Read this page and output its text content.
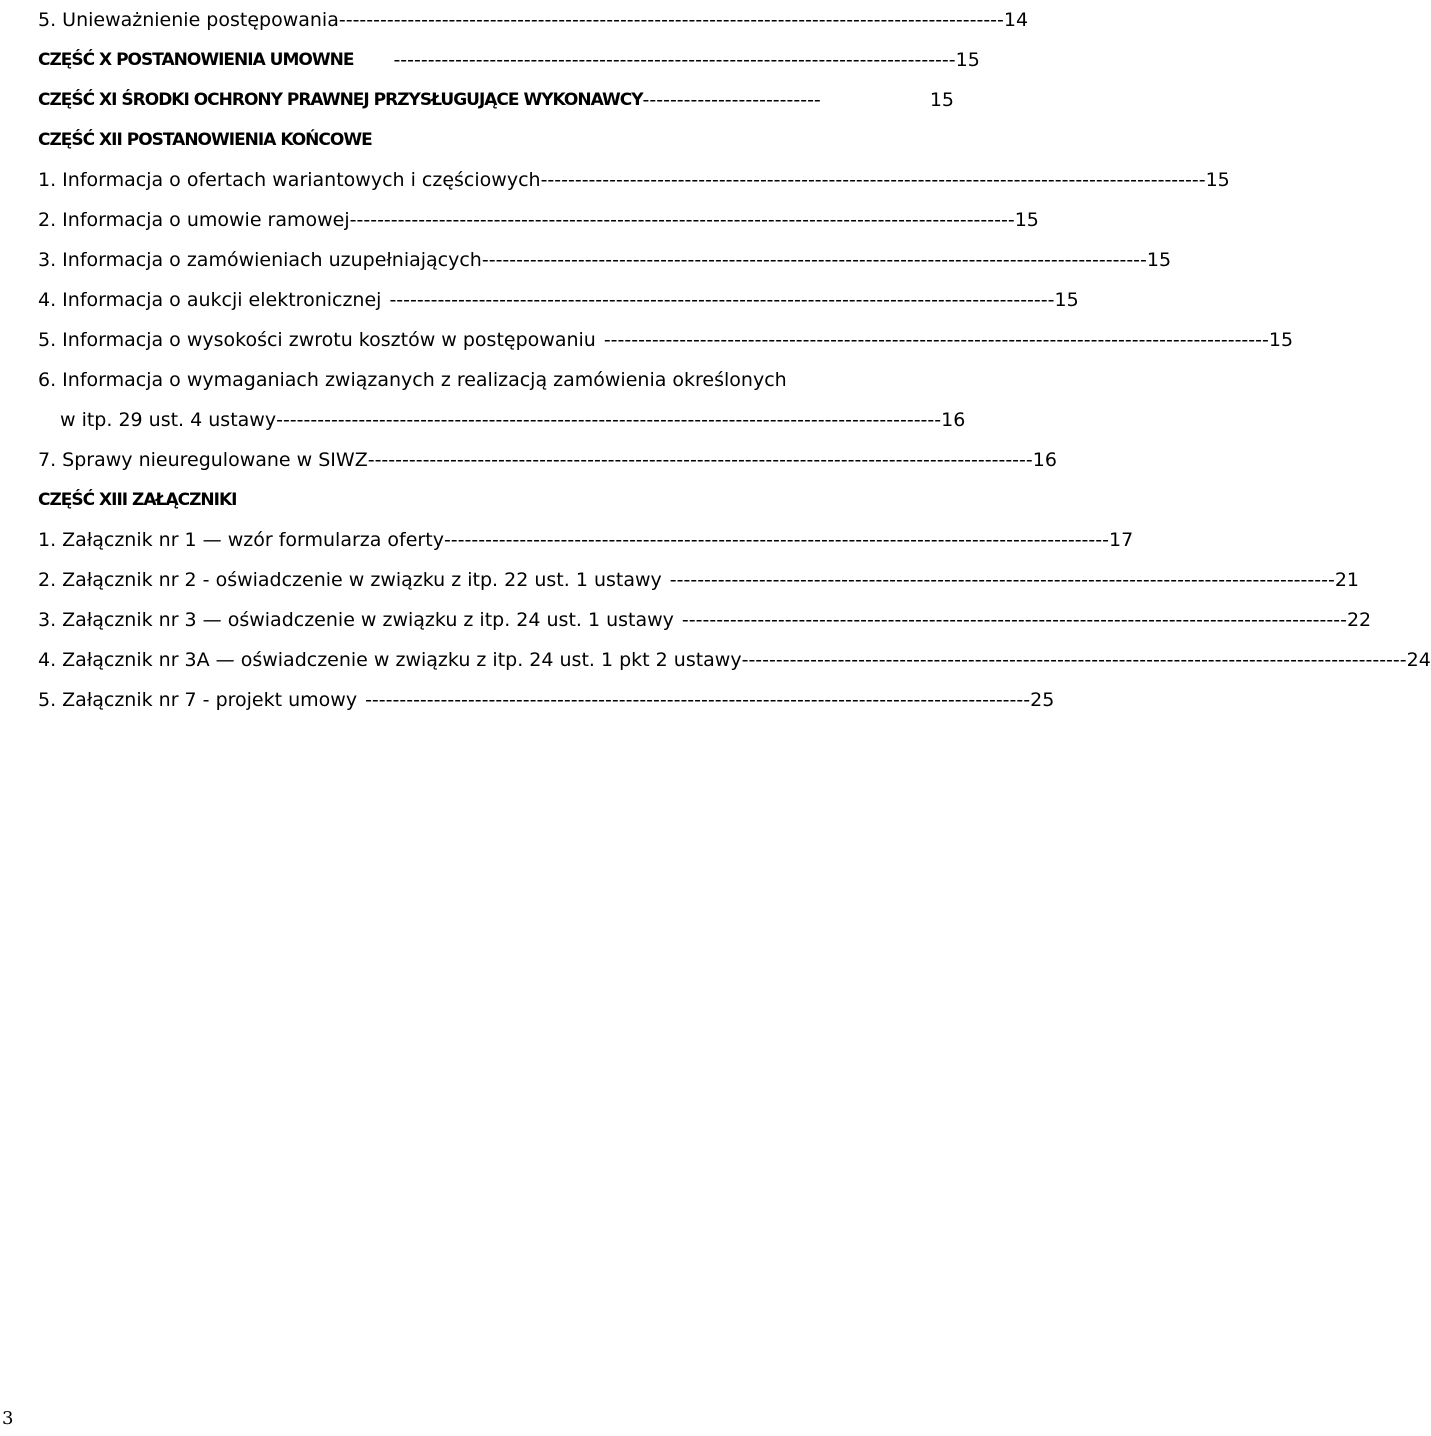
5. Unieważnienie postępowania ------------------------------------------------------------------------------------------------- 14
CZĘŚĆ X POSTANOWIENIA UMOWNE	---------------------------------------------------------------------------------- 15
CZĘŚĆ XI ŚRODKI OCHRONY PRAWNEJ PRZYSŁUGUJĄCE WYKONAWCY --------------------------	15
CZĘŚĆ XII POSTANOWIENIA KOŃCOWE
1. Informacja o ofertach wariantowych i częściowych ------------------------------------------------------------------------------------------------- 15
2. Informacja o umowie ramowej ------------------------------------------------------------------------------------------------- 15
3. Informacja o zamówieniach uzupełniających ------------------------------------------------------------------------------------------------- 15
4. Informacja o aukcji elektronicznej ------------------------------------------------------------------------------------------------- 15
5. Informacja o wysokości zwrotu kosztów w postępowaniu ------------------------------------------------------------------------------------------------- 15
6. Informacja o wymaganiach związanych z realizacją zamówienia określonych
w itp. 29 ust. 4 ustawy ------------------------------------------------------------------------------------------------- 16
7. Sprawy nieuregulowane w SIWZ ------------------------------------------------------------------------------------------------- 16
CZĘŚĆ XIII ZAŁĄCZNIKI
1. Załącznik nr 1 — wzór formularza oferty ------------------------------------------------------------------------------------------------- 17
2. Załącznik nr 2 - oświadczenie w związku z itp. 22 ust. 1 ustawy ------------------------------------------------------------------------------------------------- 21
3. Załącznik nr 3 — oświadczenie w związku z itp. 24 ust. 1 ustawy ------------------------------------------------------------------------------------------------- 22
4. Załącznik nr 3A — oświadczenie w związku z itp. 24 ust. 1 pkt 2 ustawy ------------------------------------------------------------------------------------------------- 24
5. Załącznik nr 7 - projekt umowy ------------------------------------------------------------------------------------------------- 25
3
